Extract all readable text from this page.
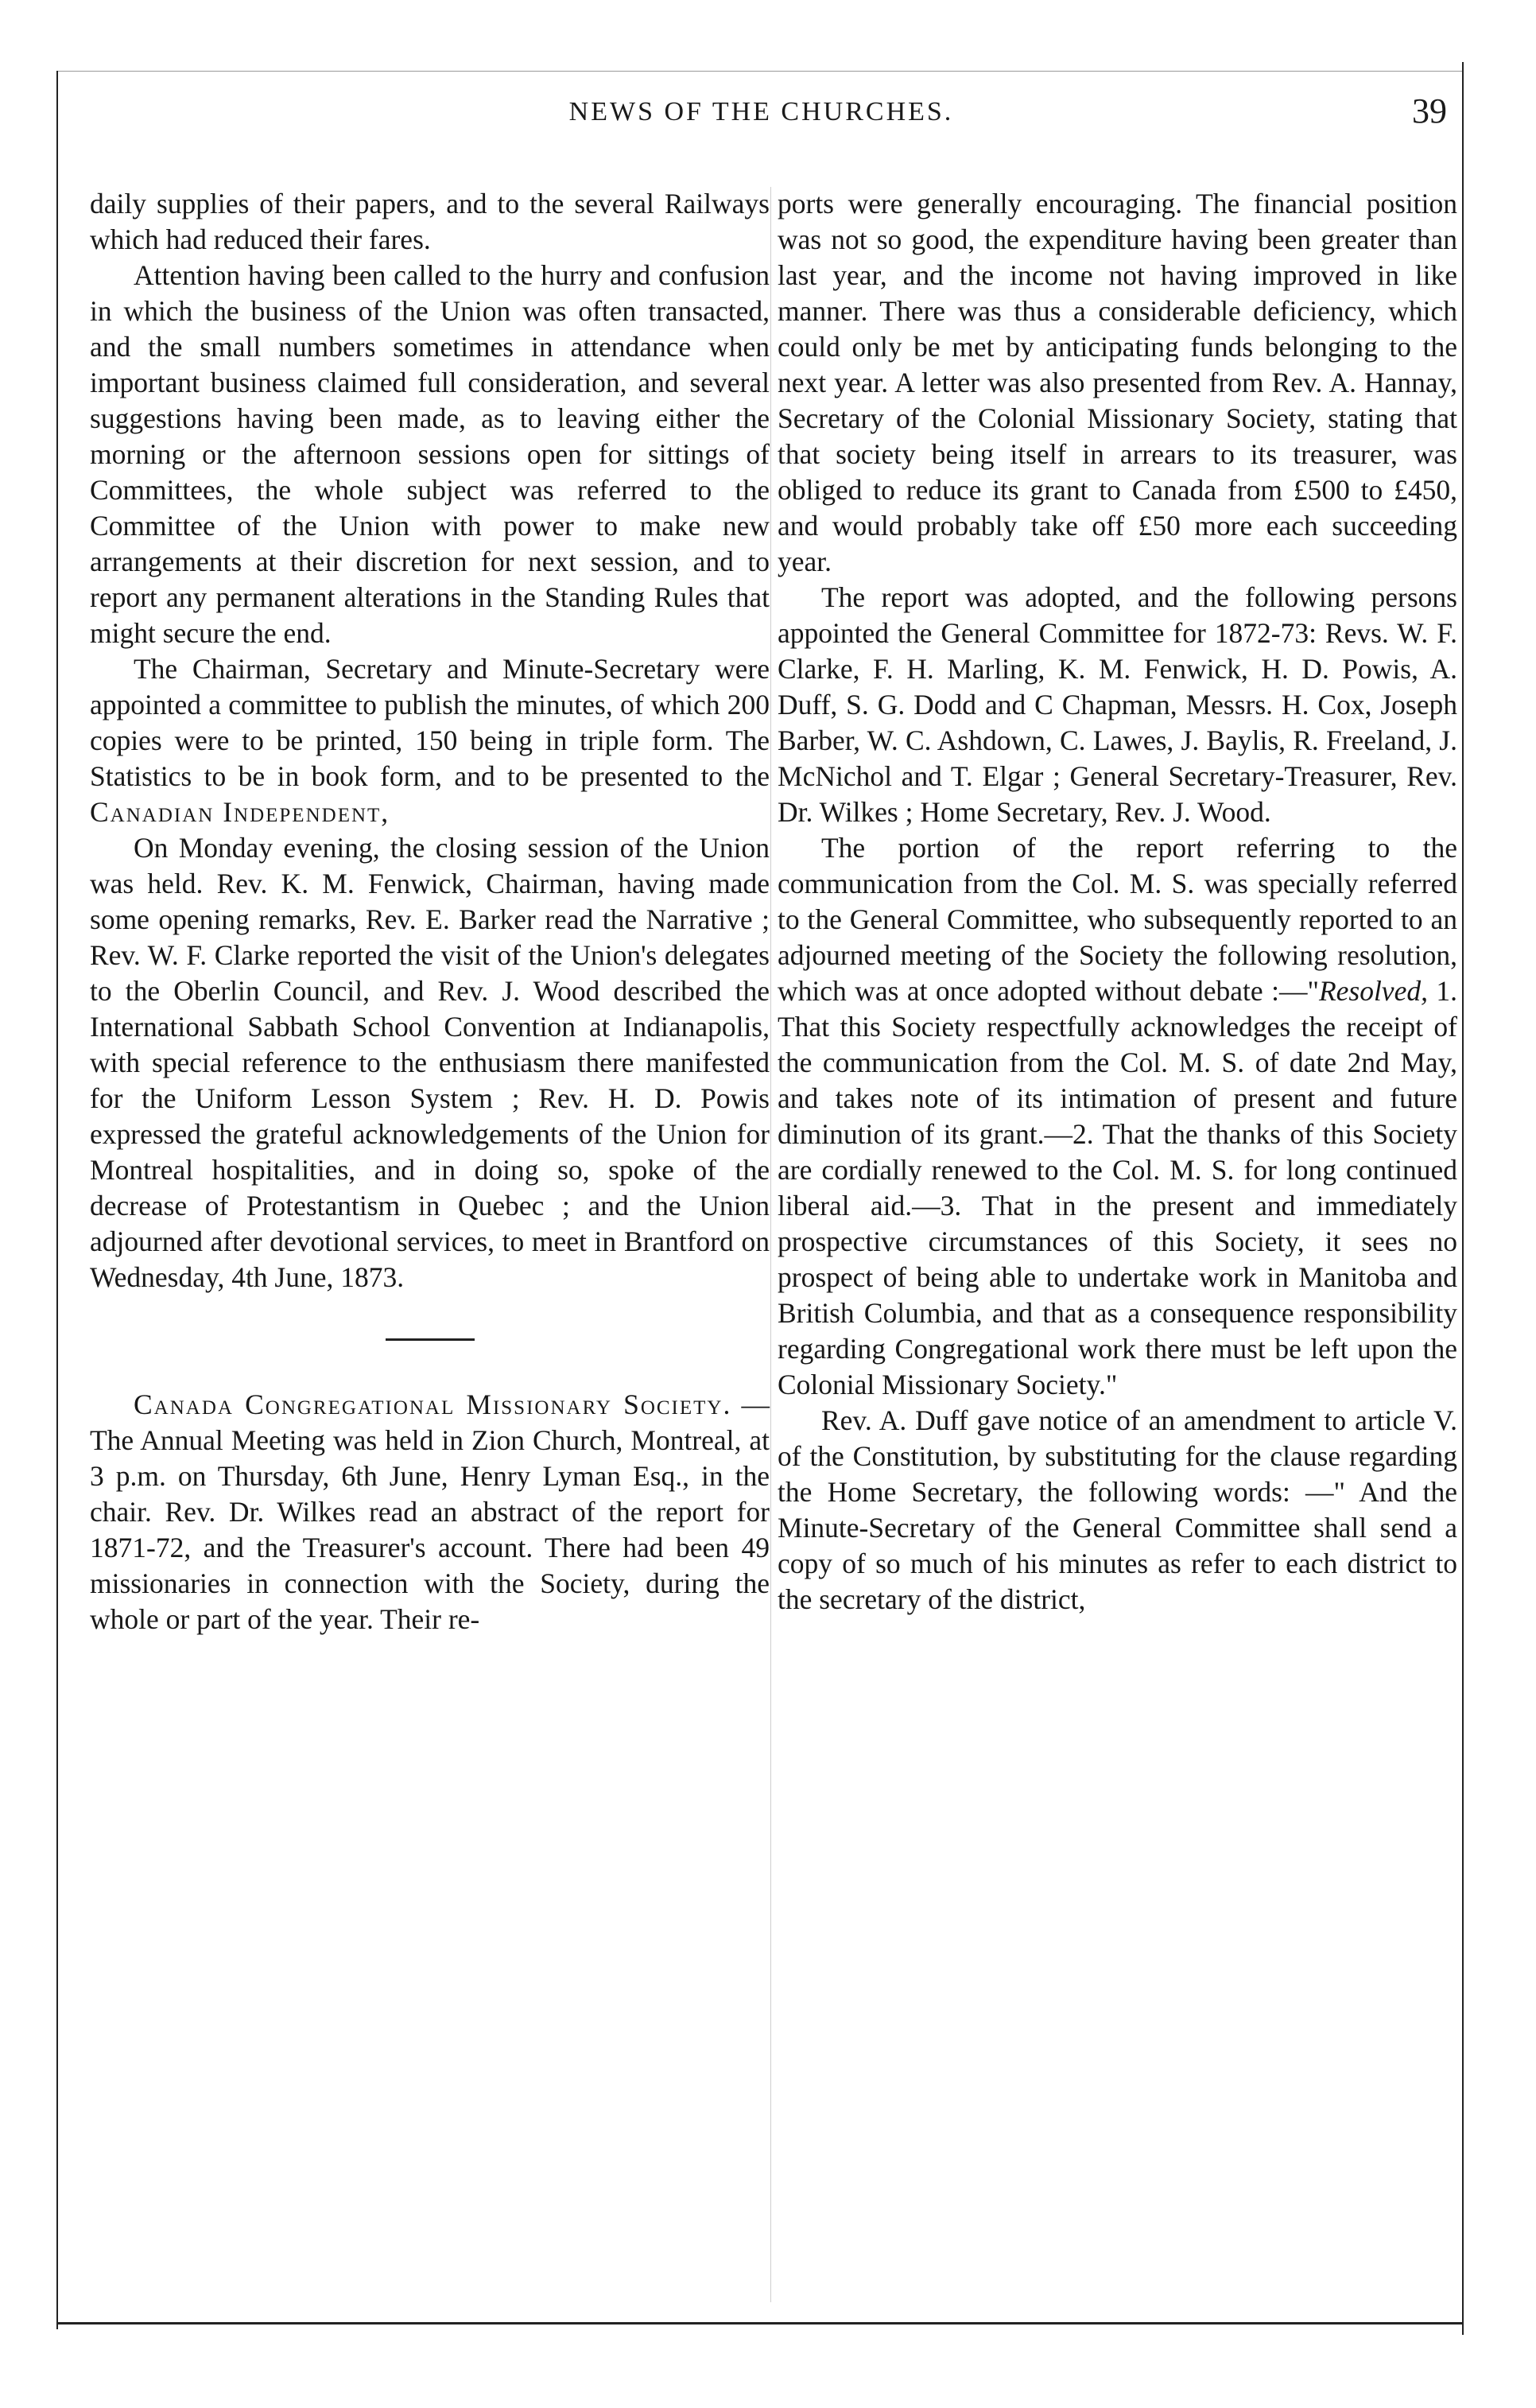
NEWS OF THE CHURCHES.	39

daily supplies of their papers, and to the several Railways which had reduced their fares.

Attention having been called to the hurry and confusion in which the business of the Union was often transacted, and the small numbers sometimes in attendance when important business claimed full consideration, and several suggestions having been made, as to leaving either the morning or the afternoon sessions open for sittings of Committees, the whole subject was referred to the Committee of the Union with power to make new arrangements at their discretion for next session, and to report any permanent alterations in the Standing Rules that might secure the end.

The Chairman, Secretary and Minute-Secretary were appointed a committee to publish the minutes, of which 200 copies were to be printed, 150 being in triple form. The Statistics to be in book form, and to be presented to the Canadian Independent,

On Monday evening, the closing session of the Union was held. Rev. K. M. Fenwick, Chairman, having made some opening remarks, Rev. E. Barker read the Narrative ; Rev. W. F. Clarke reported the visit of the Union's delegates to the Oberlin Council, and Rev. J. Wood described the International Sabbath School Convention at Indianapolis, with special reference to the enthusiasm there manifested for the Uniform Lesson System ; Rev. H. D. Powis expressed the grateful acknowledgements of the Union for Montreal hospitalities, and in doing so, spoke of the decrease of Protestantism in Quebec ; and the Union adjourned after devotional services, to meet in Brantford on Wednesday, 4th June, 1873.

Canada Congregational Missionary Society. — The Annual Meeting was held in Zion Church, Montreal, at 3 p.m. on Thursday, 6th June, Henry Lyman Esq., in the chair. Rev. Dr. Wilkes read an abstract of the report for 1871-72, and the Treasurer's account. There had been 49 missionaries in connection with the Society, during the whole or part of the year. Their re-

ports were generally encouraging. The financial position was not so good, the expenditure having been greater than last year, and the income not having improved in like manner. There was thus a considerable deficiency, which could only be met by anticipating funds belonging to the next year. A letter was also presented from Rev. A. Hannay, Secretary of the Colonial Missionary Society, stating that that society being itself in arrears to its treasurer, was obliged to reduce its grant to Canada from £500 to £450, and would probably take off £50 more each succeeding year.

The report was adopted, and the following persons appointed the General Committee for 1872-73: Revs. W. F. Clarke, F. H. Marling, K. M. Fenwick, H. D. Powis, A. Duff, S. G. Dodd and C Chapman, Messrs. H. Cox, Joseph Barber, W. C. Ashdown, C. Lawes, J. Baylis, R. Freeland, J. McNichol and T. Elgar ; General Secretary-Treasurer, Rev. Dr. Wilkes ; Home Secretary, Rev. J. Wood.

The portion of the report referring to the communication from the Col. M. S. was specially referred to the General Committee, who subsequently reported to an adjourned meeting of the Society the following resolution, which was at once adopted without debate :—"Resolved, 1. That this Society respectfully acknowledges the receipt of the communication from the Col. M. S. of date 2nd May, and takes note of its intimation of present and future diminution of its grant.—2. That the thanks of this Society are cordially renewed to the Col. M. S. for long continued liberal aid.—3. That in the present and immediately prospective circumstances of this Society, it sees no prospect of being able to undertake work in Manitoba and British Columbia, and that as a consequence responsibility regarding Congregational work there must be left upon the Colonial Missionary Society."

Rev. A. Duff gave notice of an amendment to article V. of the Constitution, by substituting for the clause regarding the Home Secretary, the following words: —" And the Minute-Secretary of the General Committee shall send a copy of so much of his minutes as refer to each district to the secretary of the district,
